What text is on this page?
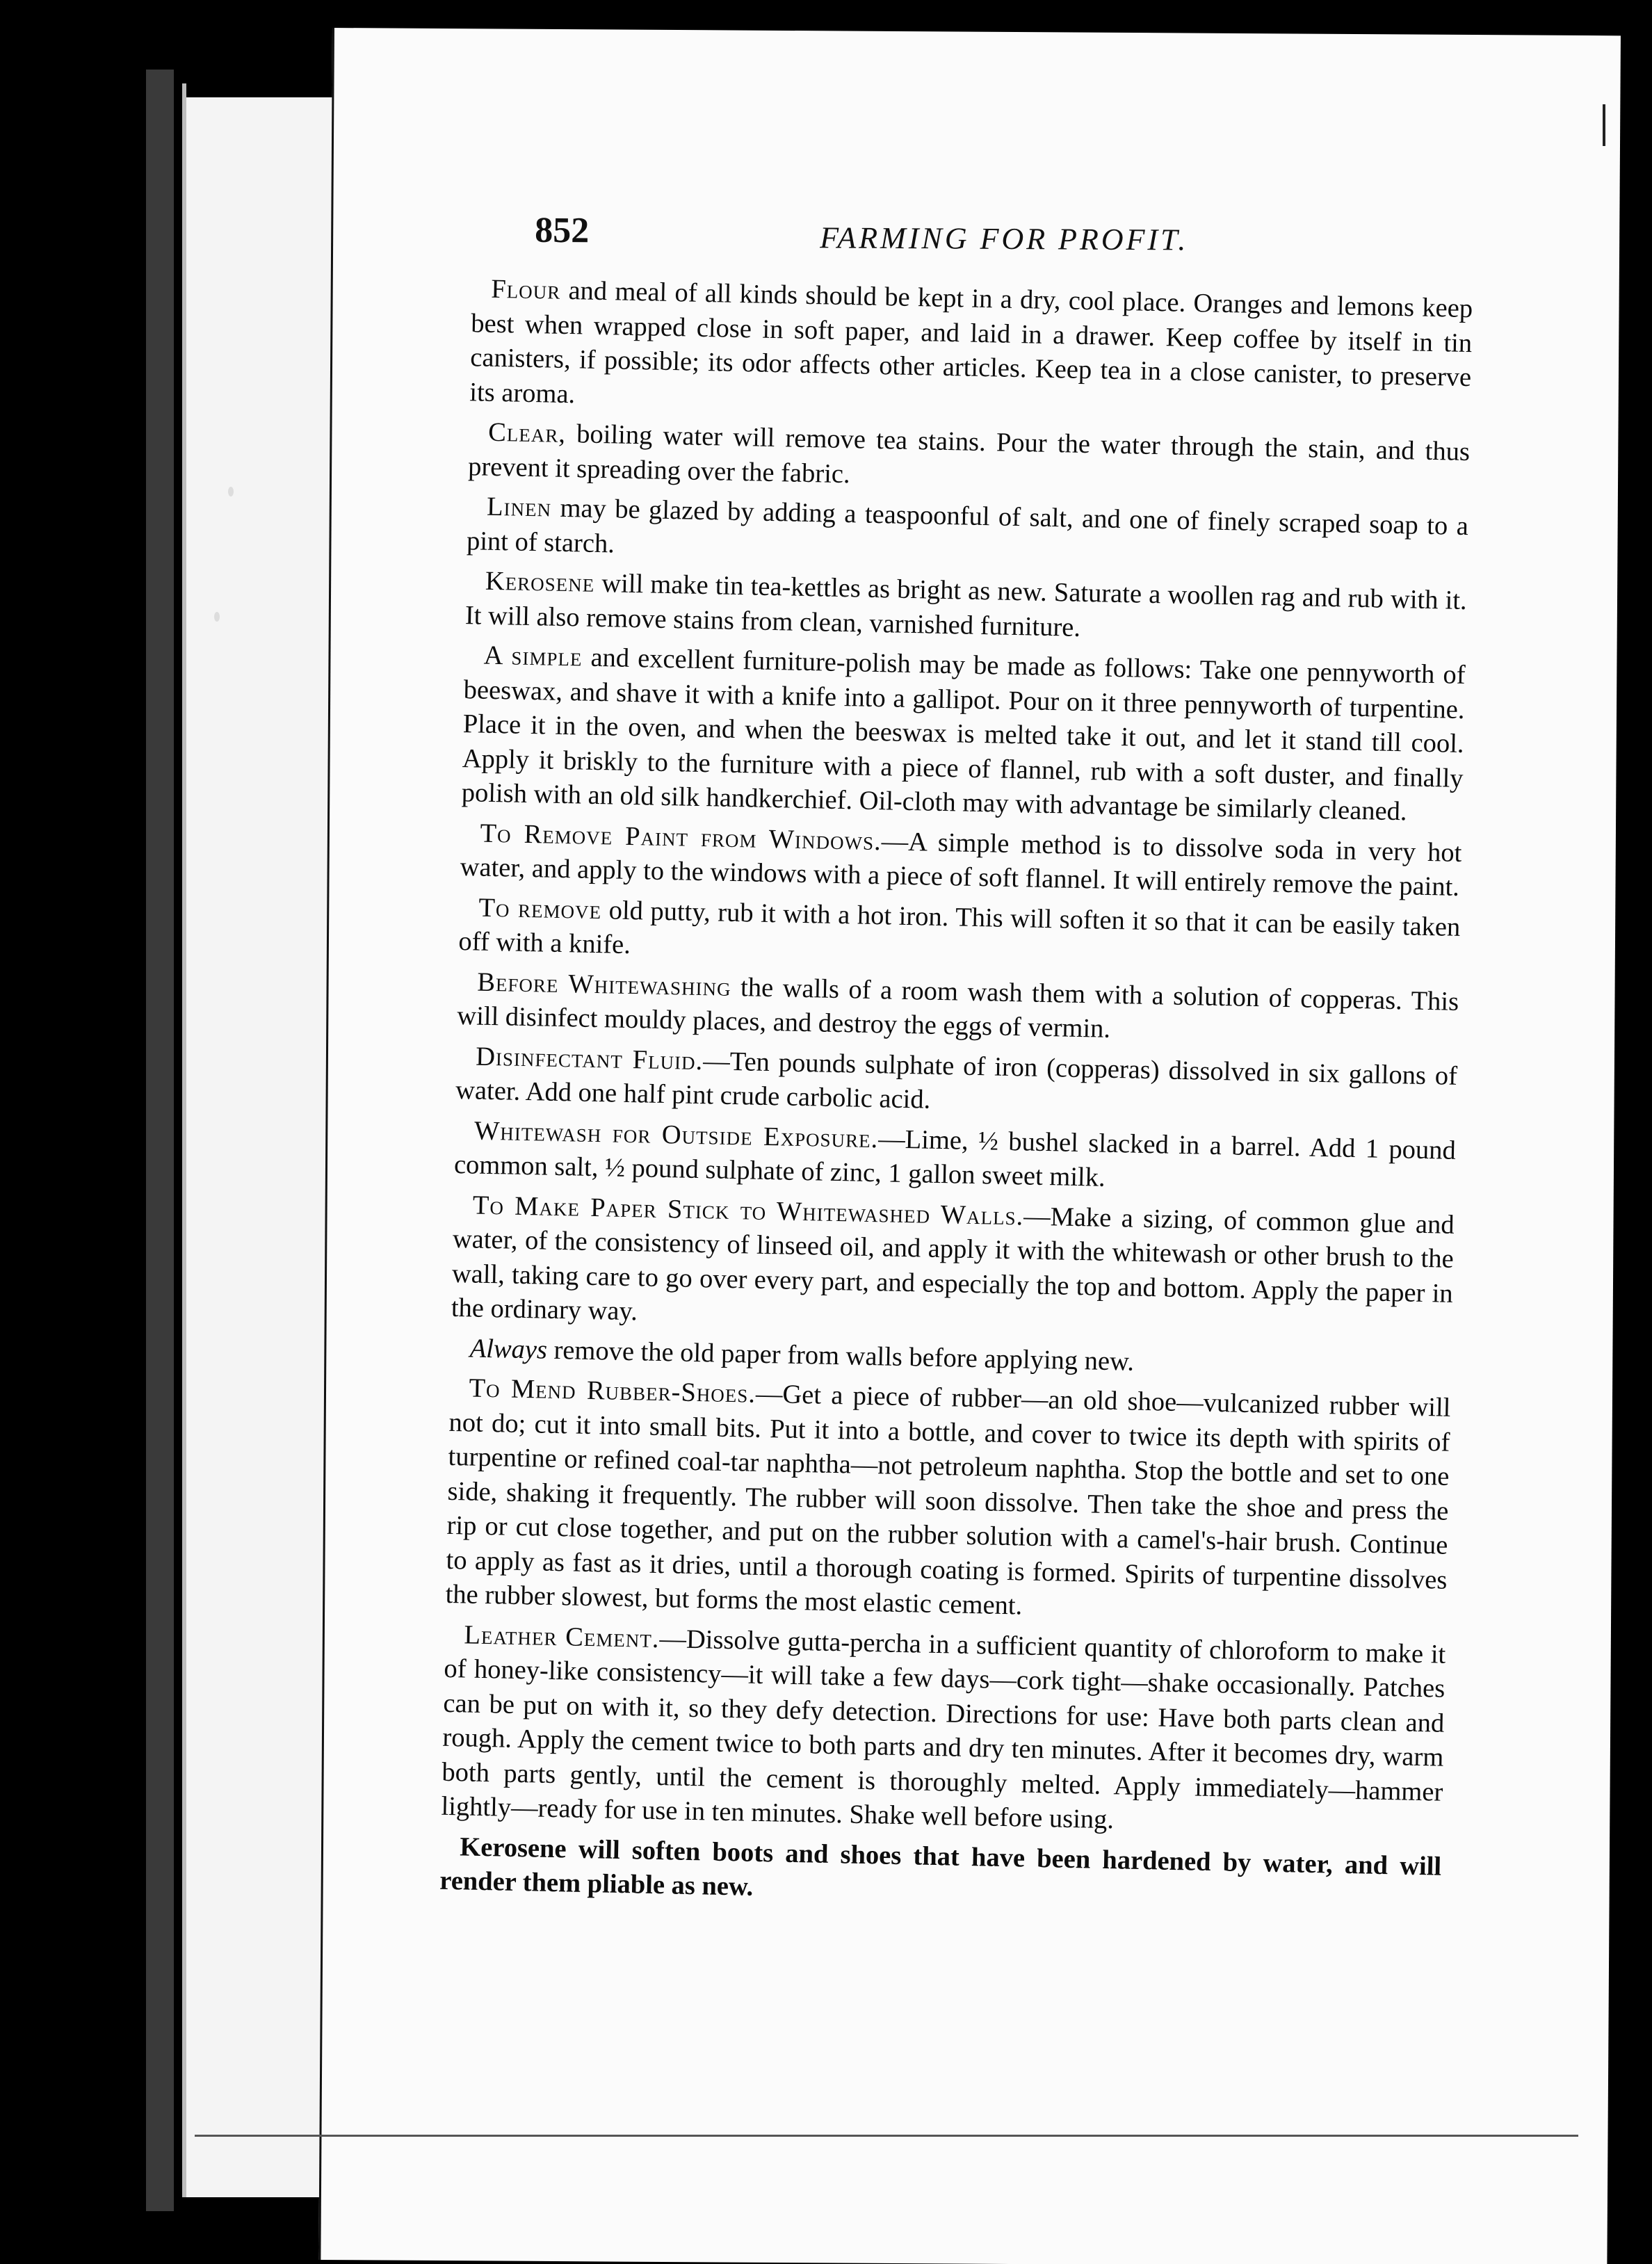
852	FARMING FOR PROFIT.

Flour and meal of all kinds should be kept in a dry, cool place. Oranges and lemons keep best when wrapped close in soft paper, and laid in a drawer. Keep coffee by itself in tin canisters, if possible; its odor affects other articles. Keep tea in a close canister, to preserve its aroma.

Clear, boiling water will remove tea stains. Pour the water through the stain, and thus prevent it spreading over the fabric.

Linen may be glazed by adding a teaspoonful of salt, and one of finely scraped soap to a pint of starch.

Kerosene will make tin tea-kettles as bright as new. Saturate a woollen rag and rub with it. It will also remove stains from clean, varnished furniture.

A simple and excellent furniture-polish may be made as follows: Take one pennyworth of beeswax, and shave it with a knife into a gallipot. Pour on it three pennyworth of turpentine. Place it in the oven, and when the beeswax is melted take it out, and let it stand till cool. Apply it briskly to the furniture with a piece of flannel, rub with a soft duster, and finally polish with an old silk handkerchief. Oil-cloth may with advantage be similarly cleaned.

To Remove Paint from Windows.—A simple method is to dissolve soda in very hot water, and apply to the windows with a piece of soft flannel. It will entirely remove the paint.

To remove old putty, rub it with a hot iron. This will soften it so that it can be easily taken off with a knife.

Before Whitewashing the walls of a room wash them with a solution of copperas. This will disinfect mouldy places, and destroy the eggs of vermin.

Disinfectant Fluid.—Ten pounds sulphate of iron (copperas) dissolved in six gallons of water. Add one half pint crude carbolic acid.

Whitewash for Outside Exposure.—Lime, ½ bushel slacked in a barrel. Add 1 pound common salt, ½ pound sulphate of zinc, 1 gallon sweet milk.

To Make Paper Stick to Whitewashed Walls.—Make a sizing, of common glue and water, of the consistency of linseed oil, and apply it with the whitewash or other brush to the wall, taking care to go over every part, and especially the top and bottom. Apply the paper in the ordinary way.

Always remove the old paper from walls before applying new.

To Mend Rubber-Shoes.—Get a piece of rubber—an old shoe—vulcanized rubber will not do; cut it into small bits. Put it into a bottle, and cover to twice its depth with spirits of turpentine or refined coal-tar naphtha—not petroleum naphtha. Stop the bottle and set to one side, shaking it frequently. The rubber will soon dissolve. Then take the shoe and press the rip or cut close together, and put on the rubber solution with a camel's-hair brush. Continue to apply as fast as it dries, until a thorough coating is formed. Spirits of turpentine dissolves the rubber slowest, but forms the most elastic cement.

Leather Cement.—Dissolve gutta-percha in a sufficient quantity of chloroform to make it of honey-like consistency—it will take a few days—cork tight—shake occasionally. Patches can be put on with it, so they defy detection. Directions for use: Have both parts clean and rough. Apply the cement twice to both parts and dry ten minutes. After it becomes dry, warm both parts gently, until the cement is thoroughly melted. Apply immediately—hammer lightly—ready for use in ten minutes. Shake well before using.

Kerosene will soften boots and shoes that have been hardened by water, and will render them pliable as new.
